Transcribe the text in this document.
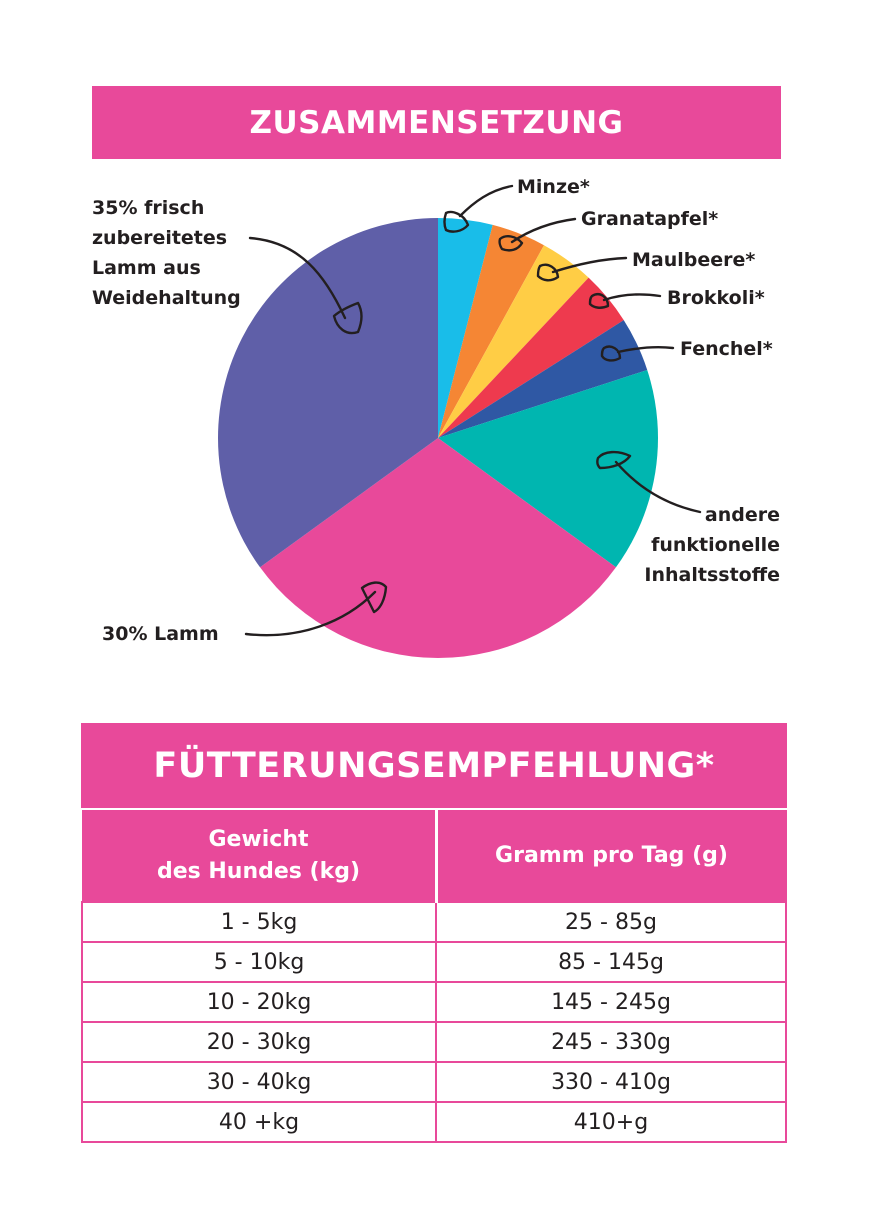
ZUSAMMENSETZUNG
35% frisch zubereitetes Lamm aus Weidehaltung
30% Lamm
andere funktionelle Inhaltsstoffe
Minze*
Granatapfel*
Maulbeere*
Brokkoli*
Fenchel*
FÜTTERUNGSEMPFEHLUNG*
Gewicht
des Hundes (kg)	Gramm pro Tag (g)
1 - 5kg	25 - 85g
5 - 10kg	85 - 145g
10 - 20kg	145 - 245g
20 - 30kg	245 - 330g
30 - 40kg	330 - 410g
40 +kg	410+g
